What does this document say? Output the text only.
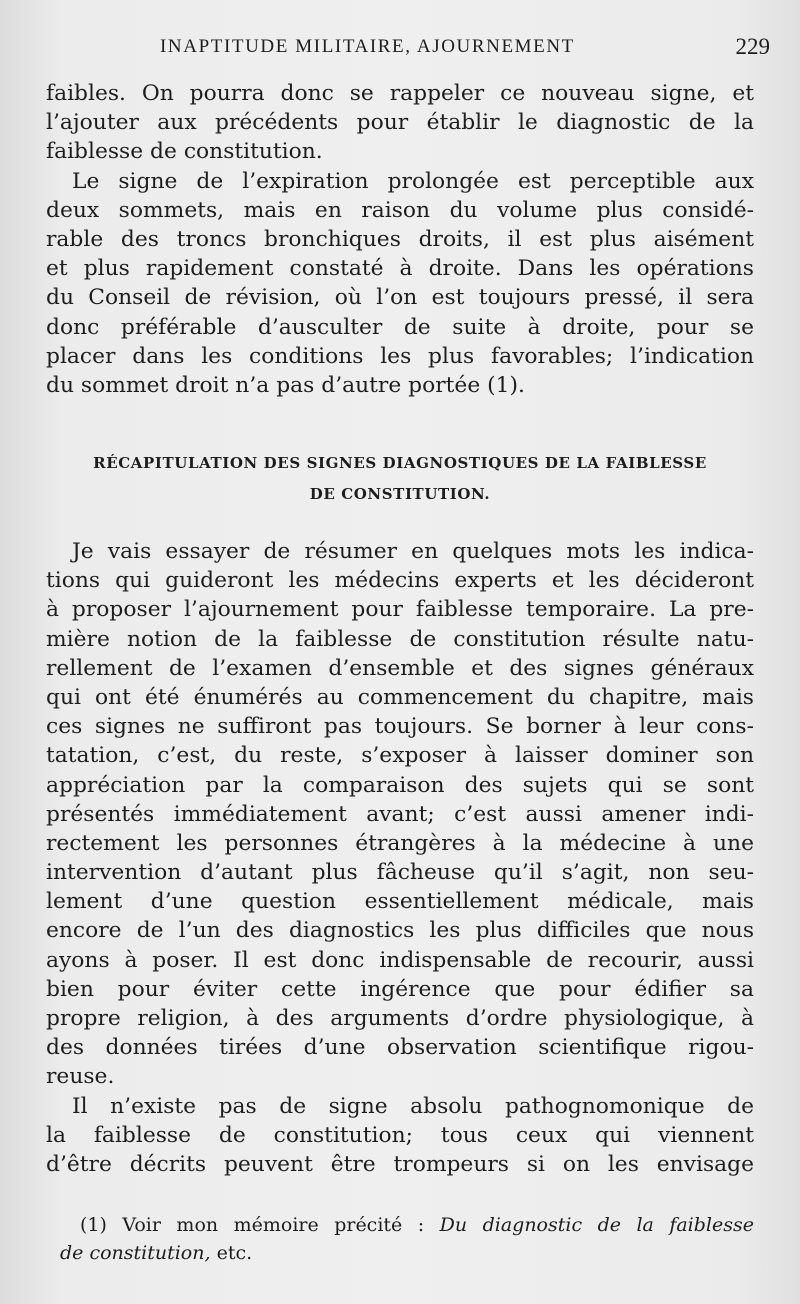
INAPTITUDE MILITAIRE, AJOURNEMENT	229
faibles. On pourra donc se rappeler ce nouveau signe, et
l’ajouter aux précédents pour établir le diagnostic de la
faiblesse de constitution.
Le signe de l’expiration prolongée est perceptible aux
deux sommets, mais en raison du volume plus considé-
rable des troncs bronchiques droits, il est plus aisément
et plus rapidement constaté à droite. Dans les opérations
du Conseil de révision, où l’on est toujours pressé, il sera
donc préférable d’ausculter de suite à droite, pour se
placer dans les conditions les plus favorables; l’indication
du sommet droit n’a pas d’autre portée (1).
RÉCAPITULATION DES SIGNES DIAGNOSTIQUES DE LA FAIBLESSE
DE CONSTITUTION.
Je vais essayer de résumer en quelques mots les indica-
tions qui guideront les médecins experts et les décideront
à proposer l’ajournement pour faiblesse temporaire. La pre-
mière notion de la faiblesse de constitution résulte natu-
rellement de l’examen d’ensemble et des signes généraux
qui ont été énumérés au commencement du chapitre, mais
ces signes ne suffiront pas toujours. Se borner à leur cons-
tatation, c’est, du reste, s’exposer à laisser dominer son
appréciation par la comparaison des sujets qui se sont
présentés immédiatement avant; c’est aussi amener indi-
rectement les personnes étrangères à la médecine à une
intervention d’autant plus fâcheuse qu’il s’agit, non seu-
lement d’une question essentiellement médicale, mais
encore de l’un des diagnostics les plus difficiles que nous
ayons à poser. Il est donc indispensable de recourir, aussi
bien pour éviter cette ingérence que pour édifier sa
propre religion, à des arguments d’ordre physiologique, à
des données tirées d’une observation scientifique rigou-
reuse.
Il n’existe pas de signe absolu pathognomonique de
la faiblesse de constitution; tous ceux qui viennent
d’être décrits peuvent être trompeurs si on les envisage
(1) Voir mon mémoire précité : Du diagnostic de la faiblesse
de constitution, etc.
